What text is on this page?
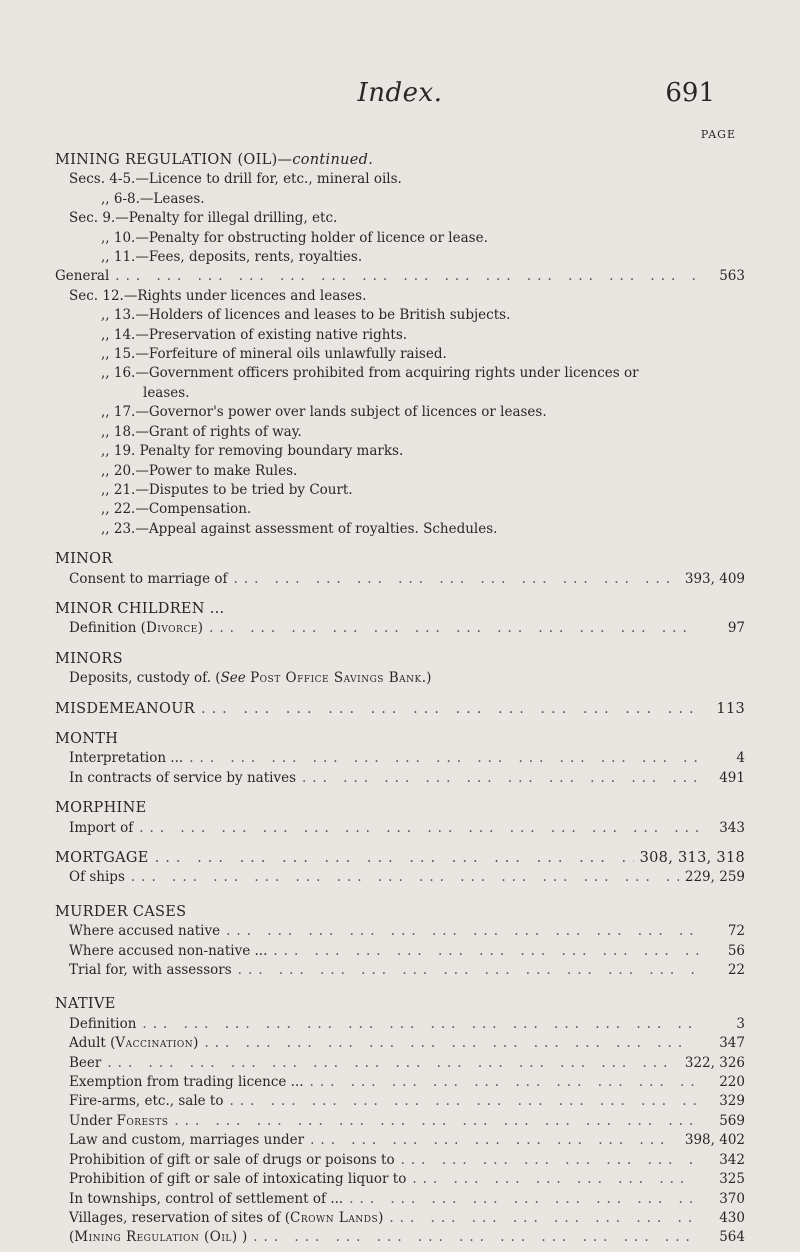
Index.	691
PAGE
MINING REGULATION (OIL)—continued.
Secs. 4-5.—Licence to drill for, etc., mineral oils.
,, 6-8.—Leases.
Sec. 9.—Penalty for illegal drilling, etc.
,, 10.—Penalty for obstructing holder of licence or lease.
,, 11.—Fees, deposits, rents, royalties.
General ... .	563
Sec. 12.—Rights under licences and leases.
,, 13.—Holders of licences and leases to be British subjects.
,, 14.—Preservation of existing native rights.
,, 15.—Forfeiture of mineral oils unlawfully raised.
,, 16.—Government officers prohibited from acquiring rights under licences or
leases.
,, 17.—Governor's power over lands subject of licences or leases.
,, 18.—Grant of rights of way.
,, 19. Penalty for removing boundary marks.
,, 20.—Power to make Rules.
,, 21.—Disputes to be tried by Court.
,, 22.—Compensation.
,, 23.—Appeal against assessment of royalties. Schedules.
MINOR
Consent to marriage of ... .	393, 409
MINOR CHILDREN ...
Definition (Divorce) ... .	97
MINORS
Deposits, custody of. (See Post Office Savings Bank.)
MISDEMEANOUR ... .	113
MONTH
Interpretation ... ... .	4
In contracts of service by natives ... .	491
MORPHINE
Import of ... .	343
MORTGAGE ... .	308, 313, 318
Of ships ... .	229, 259
MURDER CASES
Where accused native ... .	72
Where accused non-native ... ... .	56
Trial for, with assessors ... .	22
NATIVE
Definition ... .	3
Adult (Vaccination) ... .	347
Beer ... .	322, 326
Exemption from trading licence ... ... .	220
Fire-arms, etc., sale to ... .	329
Under Forests ... .	569
Law and custom, marriages under ... .	398, 402
Prohibition of gift or sale of drugs or poisons to ... .	342
Prohibition of gift or sale of intoxicating liquor to ... .	325
In townships, control of settlement of ... ... .	370
Villages, reservation of sites of (Crown Lands) ... .	430
(Mining Regulation (Oil) ) ... .	564
